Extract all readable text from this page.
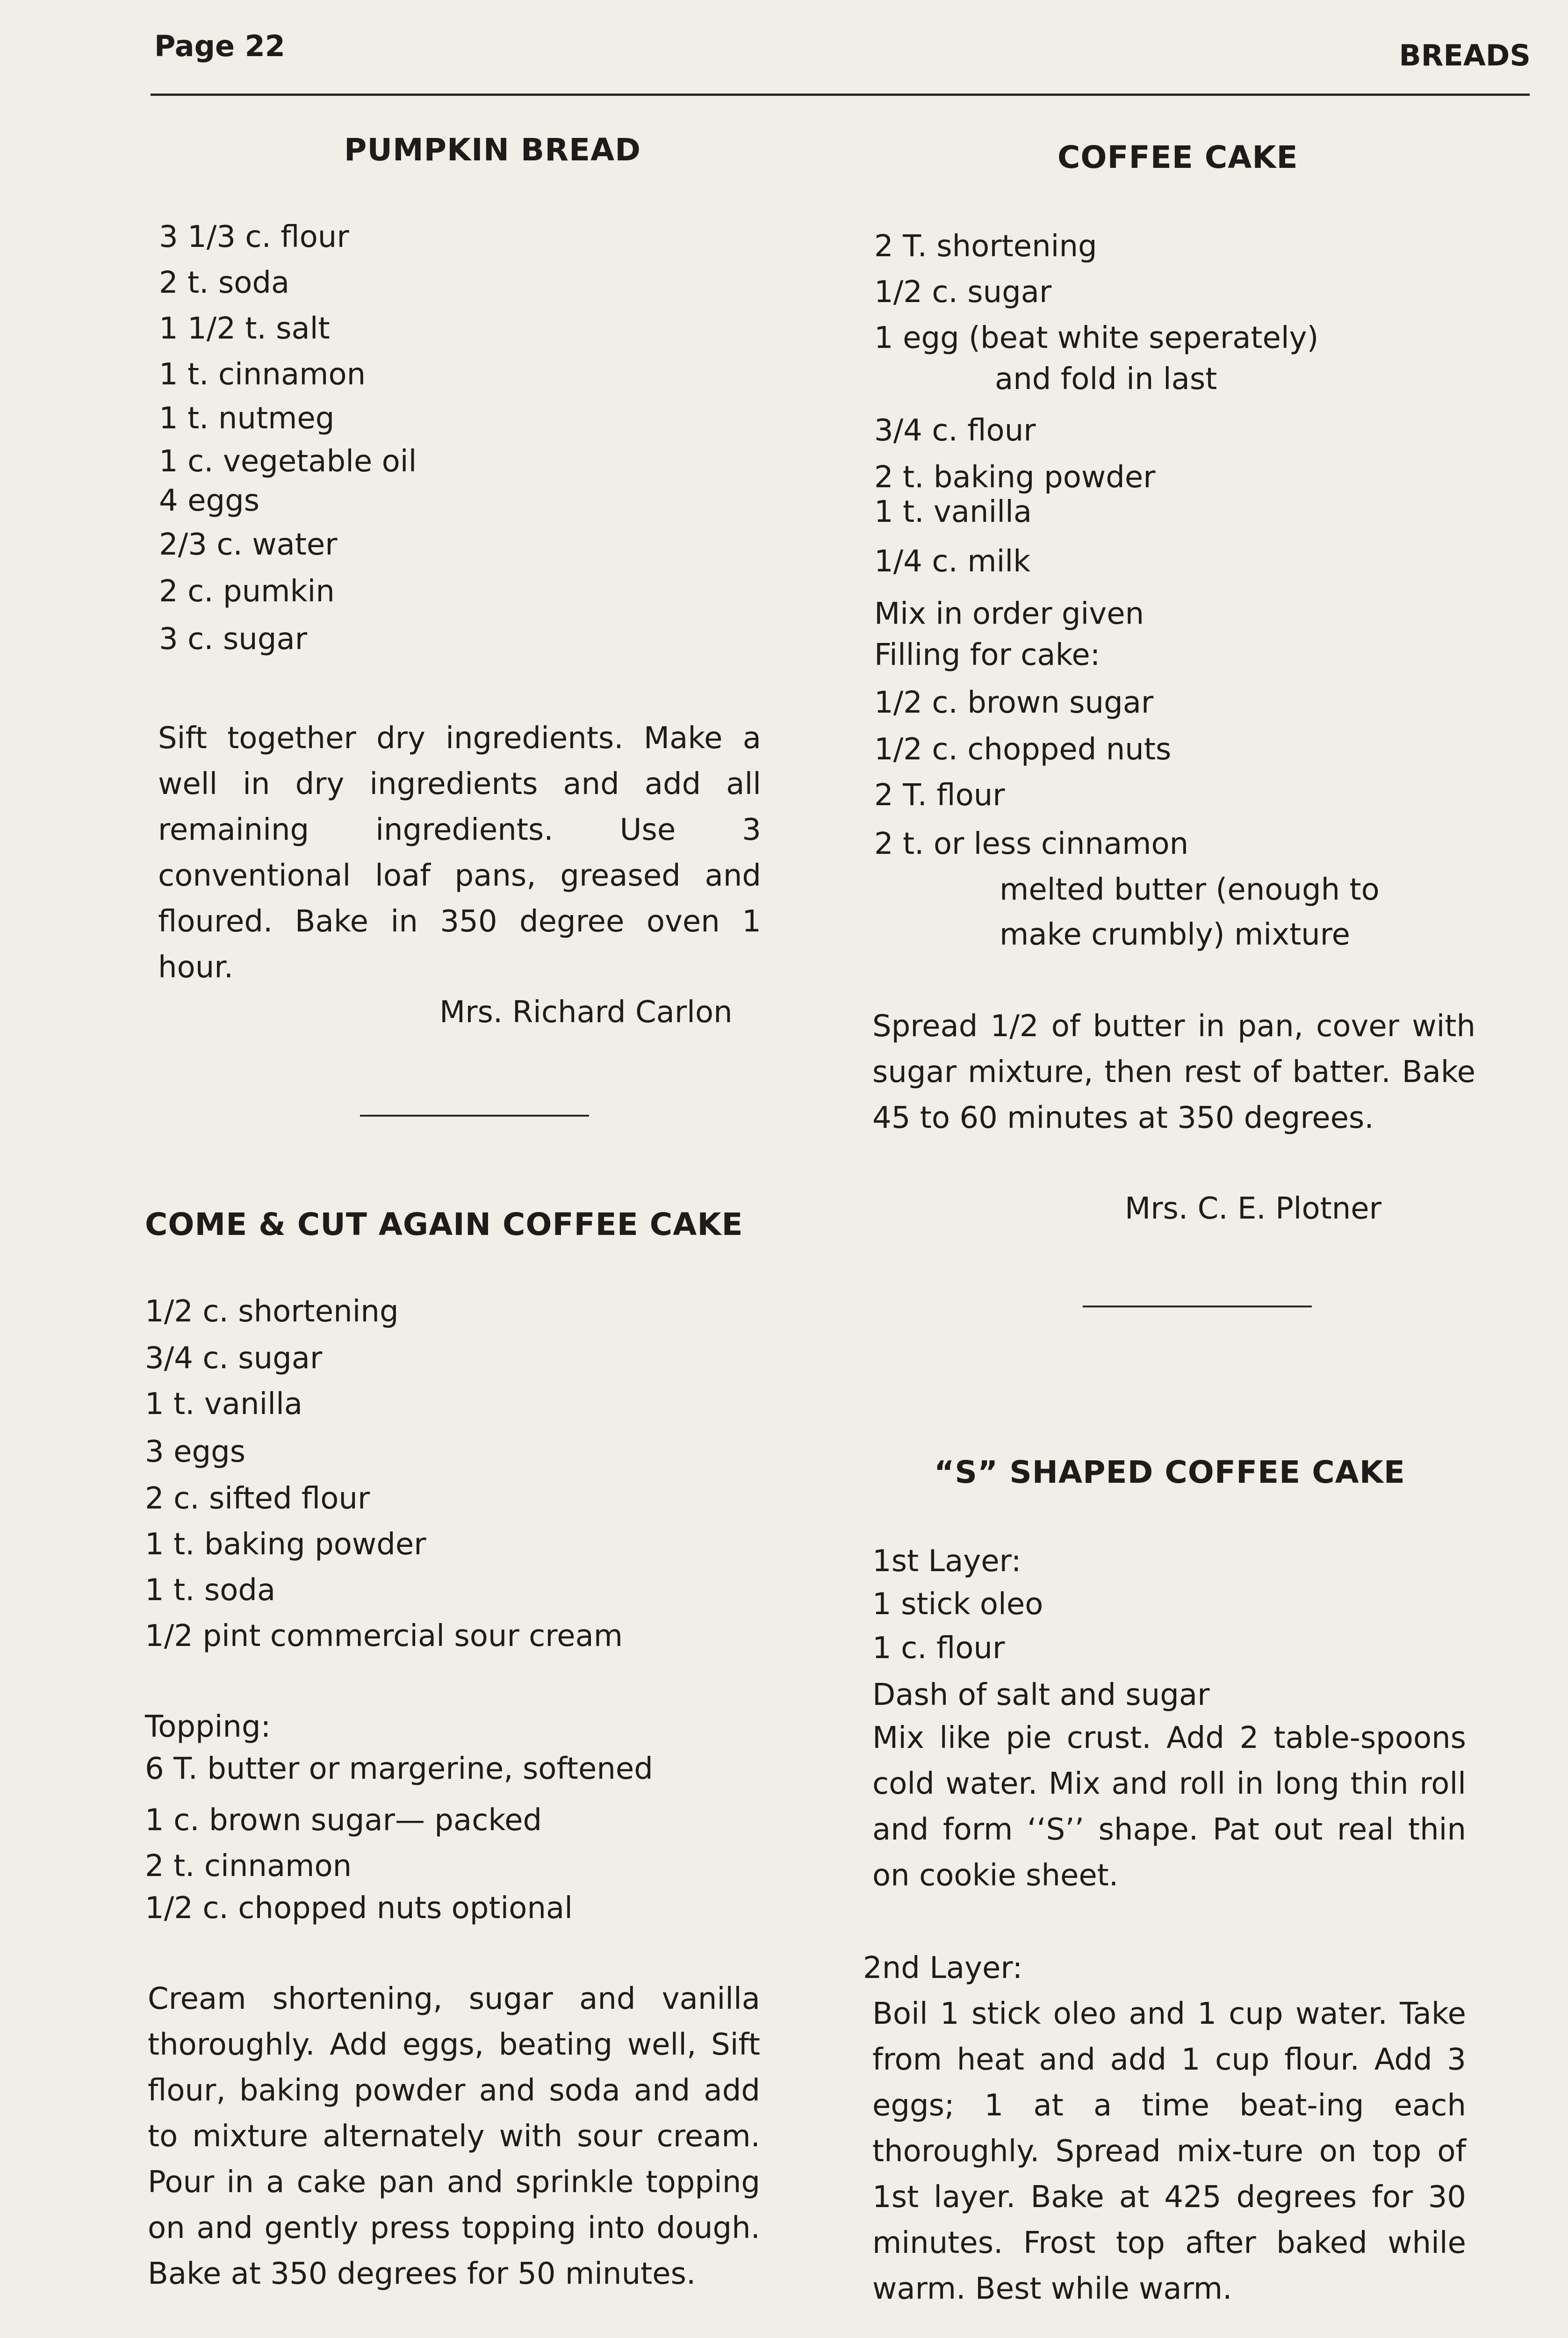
Page 22	BREADS
PUMPKIN BREAD
3 1/3 c. flour
2 t. soda
1 1/2 t. salt
1 t. cinnamon
1 t. nutmeg
1 c. vegetable oil
4 eggs
2/3 c. water
2 c. pumkin
3 c. sugar
Sift together dry ingredients. Make a well in dry ingredients and add all remaining ingredients. Use 3 conventional loaf pans, greased and floured. Bake in 350 degree oven 1 hour.
Mrs. Richard Carlon
COME & CUT AGAIN COFFEE CAKE
1/2 c. shortening
3/4 c. sugar
1 t. vanilla
3 eggs
2 c. sifted flour
1 t. baking powder
1 t. soda
1/2 pint commercial sour cream
Topping:
6 T. butter or margerine, softened
1 c. brown sugar— packed
2 t. cinnamon
1/2 c. chopped nuts optional
Cream shortening, sugar and vanilla thoroughly. Add eggs, beating well, Sift flour, baking powder and soda and add to mixture alternately with sour cream. Pour in a cake pan and sprinkle topping on and gently press topping into dough. Bake at 350 degrees for 50 minutes.
COFFEE CAKE
2 T. shortening
1/2 c. sugar
1 egg (beat white seperately)
and fold in last
3/4 c. flour
2 t. baking powder
1 t. vanilla
1/4 c. milk
Mix in order given
Filling for cake:
1/2 c. brown sugar
1/2 c. chopped nuts
2 T. flour
2 t. or less cinnamon
melted butter (enough to
make crumbly) mixture
Spread 1/2 of butter in pan, cover with sugar mixture, then rest of batter. Bake 45 to 60 minutes at 350 degrees.
Mrs. C. E. Plotner
“S” SHAPED COFFEE CAKE
1st Layer:
1 stick oleo
1 c. flour
Dash of salt and sugar
Mix like pie crust. Add 2 table-spoons cold water. Mix and roll in long thin roll and form ‘‘S’’ shape. Pat out real thin on cookie sheet.
2nd Layer:
Boil 1 stick oleo and 1 cup water. Take from heat and add 1 cup flour. Add 3 eggs; 1 at a time beat-ing each thoroughly. Spread mix-ture on top of 1st layer. Bake at 425 degrees for 30 minutes. Frost top after baked while warm. Best while warm.
